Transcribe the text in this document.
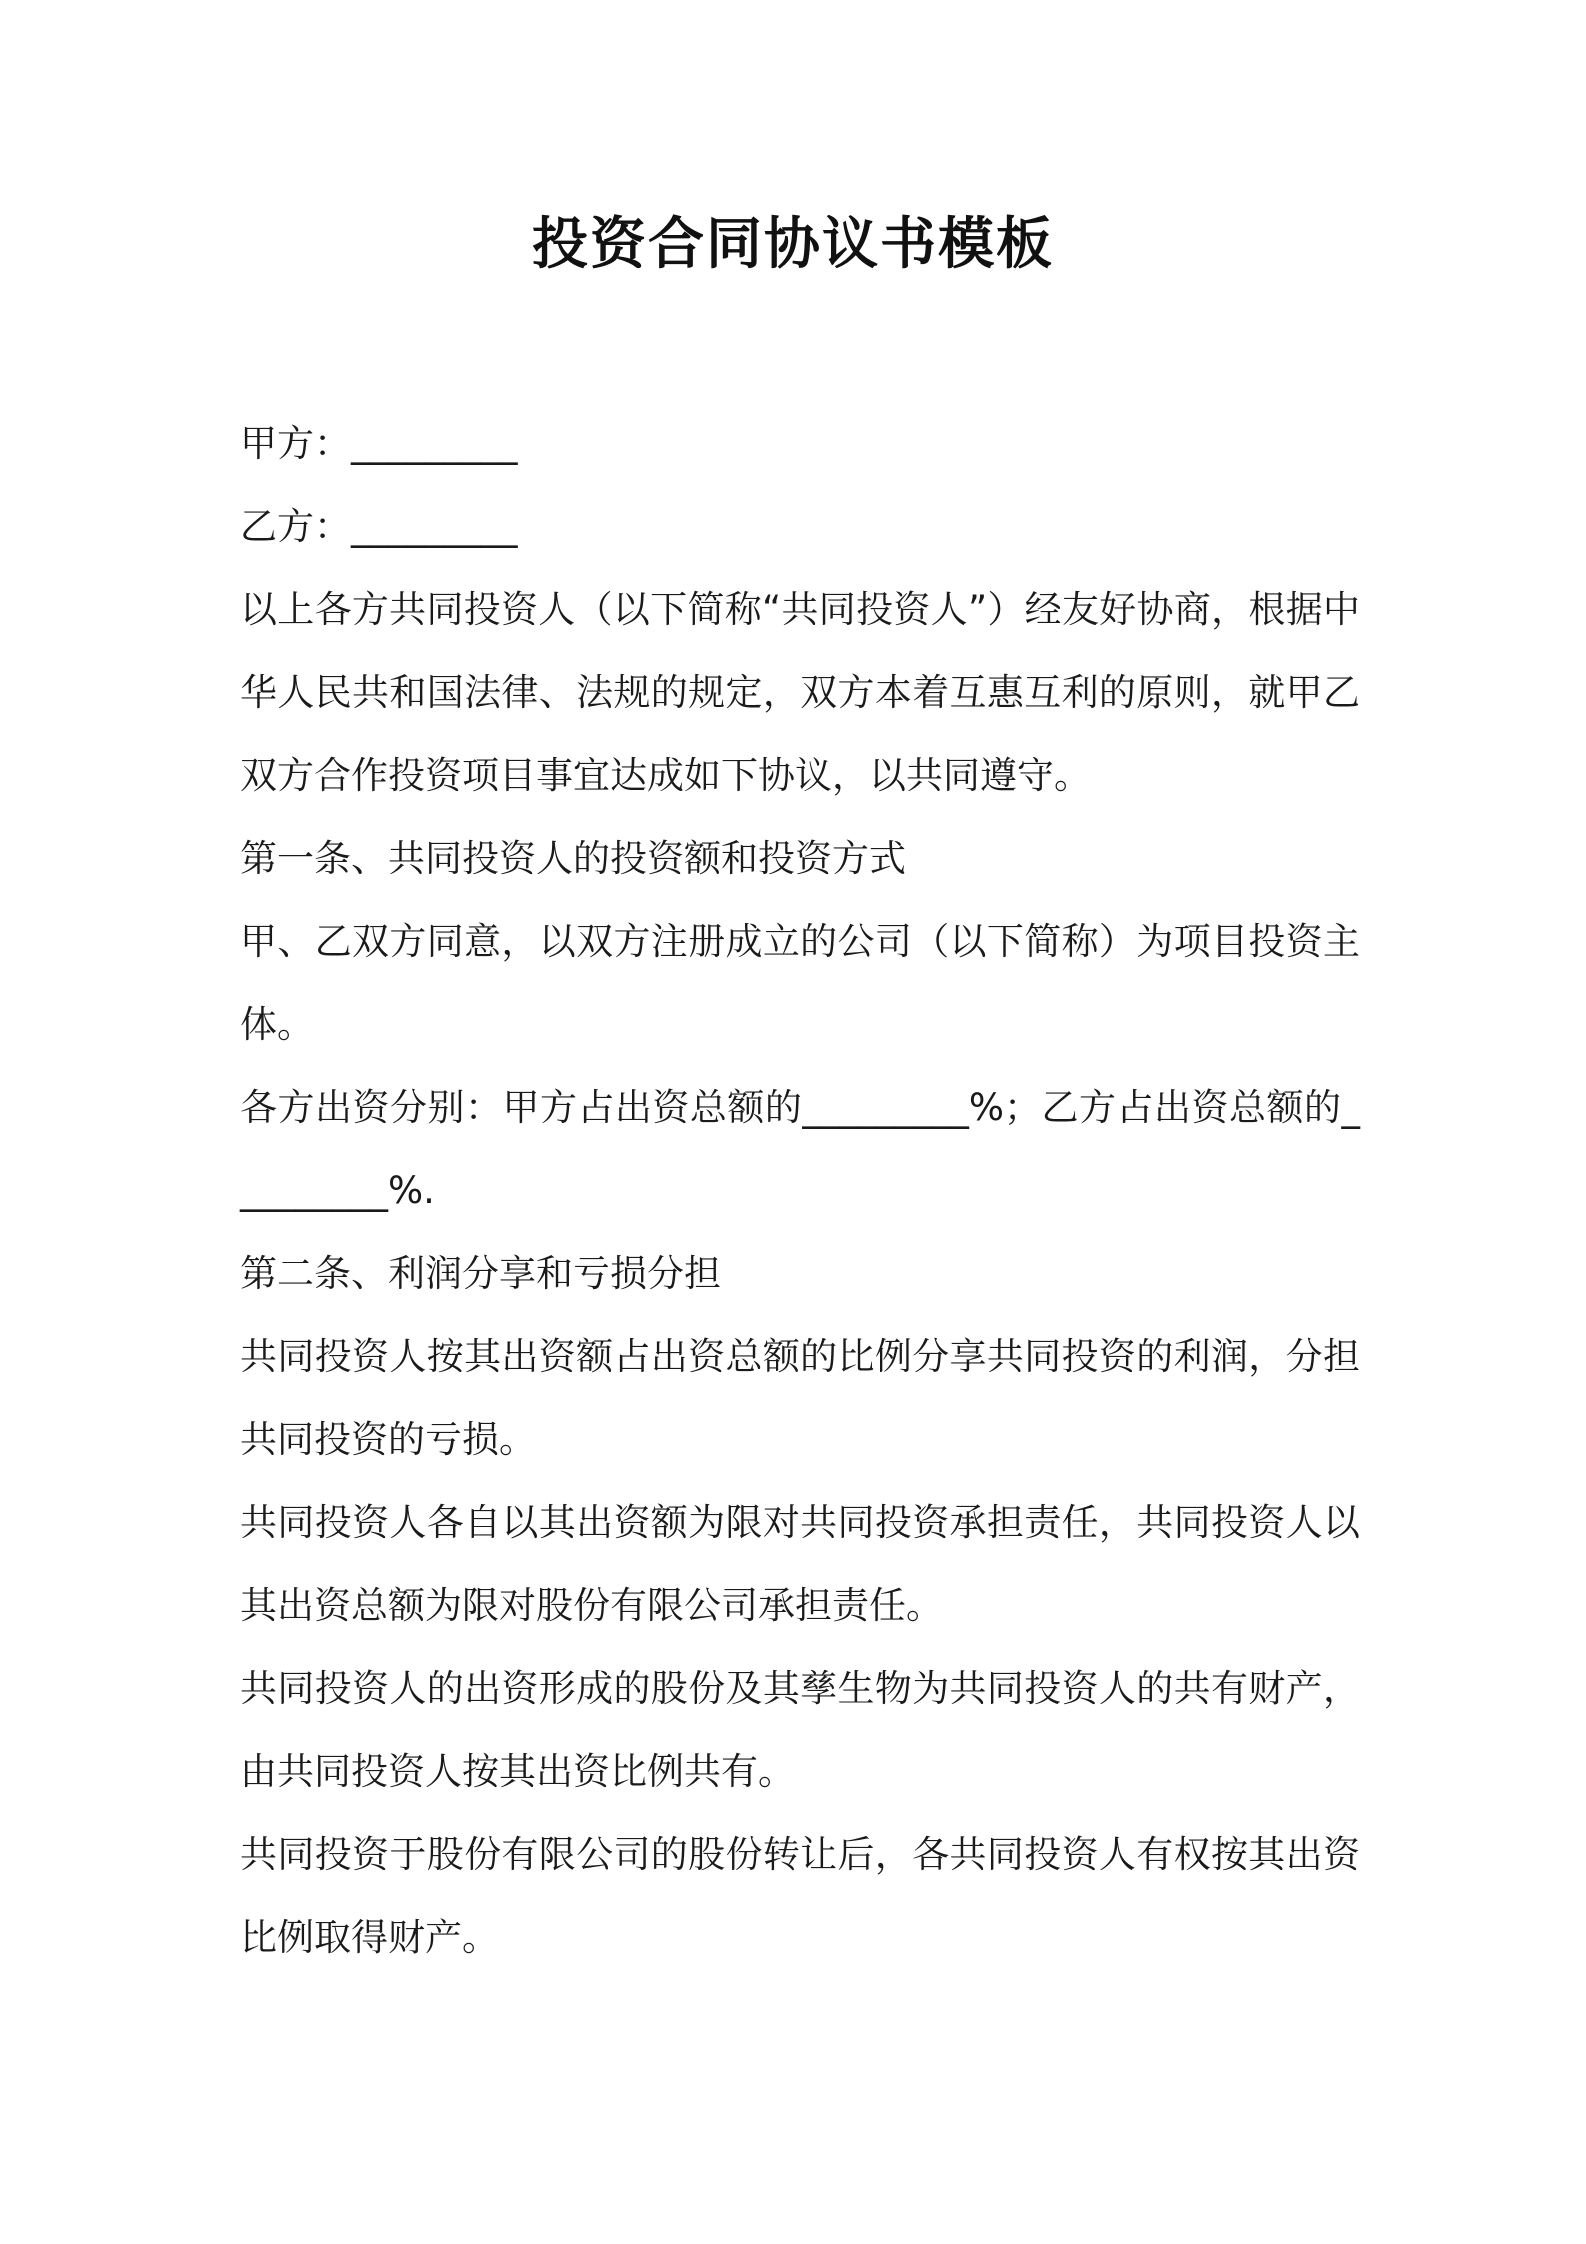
投资合同协议书模板

甲方：_________

乙方：_________

以上各方共同投资人（以下简称“共同投资人”）经友好协商，根据中华人民共和国法律、法规的规定，双方本着互惠互利的原则，就甲乙双方合作投资项目事宜达成如下协议，以共同遵守。

第一条、共同投资人的投资额和投资方式

甲、乙双方同意，以双方注册成立的公司（以下简称）为项目投资主体。

各方出资分别：甲方占出资总额的_________%；乙方占出资总额的_________%.

第二条、利润分享和亏损分担

共同投资人按其出资额占出资总额的比例分享共同投资的利润，分担共同投资的亏损。

共同投资人各自以其出资额为限对共同投资承担责任，共同投资人以其出资总额为限对股份有限公司承担责任。

共同投资人的出资形成的股份及其孳生物为共同投资人的共有财产，由共同投资人按其出资比例共有。

共同投资于股份有限公司的股份转让后，各共同投资人有权按其出资比例取得财产。
